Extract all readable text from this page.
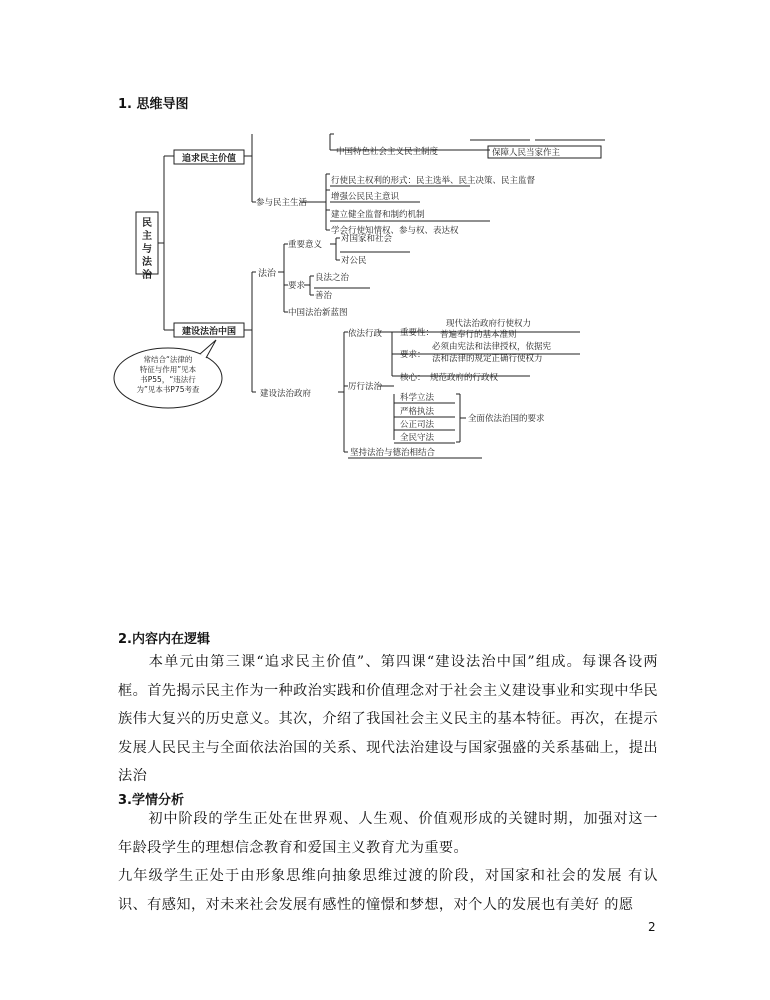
1. 思维导图
民主与法治
追求民主价值
建设法治中国
中国特色社会主义民主制度	保障人民当家作主
参与民主生活
行使民主权利的形式：民主选举、民主决策、民主监督
增强公民民主意识
建立健全监督和制约机制
学会行使知情权、参与权、表达权
法治
重要意义
对国家和社会
对公民
要求
良法之治
善治
中国法治新蓝图
建设法治政府
依法行政 重要性：
现代法治政府行使权力
普遍奉行的基本准则
要求：
必须由宪法和法律授权，依据宪
法和法律的规定正确行使权力
核心： 规范政府的行政权
厉行法治
科学立法
严格执法
公正司法
全民守法
全面依法治国的要求
坚持法治与德治相结合
常结合“法律的特征与作用”见本书P55，“违法行为”见本书P75考查
2.内容内在逻辑
本单元由第三课“追求民主价值”、第四课“建设法治中国”组成。每课各设两框。首先揭示民主作为一种政治实践和价值理念对于社会主义建设事业和实现中华民族伟大复兴的历史意义。其次，介绍了我国社会主义民主的基本特征。再次，在提示发展人民民主与全面依法治国的关系、现代法治建设与国家强盛的关系基础上，提出法治
3.学情分析
初中阶段的学生正处在世界观、人生观、价值观形成的关键时期，加强对这一年龄段学生的理想信念教育和爱国主义教育尤为重要。
九年级学生正处于由形象思维向抽象思维过渡的阶段，对国家和社会的发展 有认识、有感知，对未来社会发展有感性的憧憬和梦想，对个人的发展也有美好 的愿
2
